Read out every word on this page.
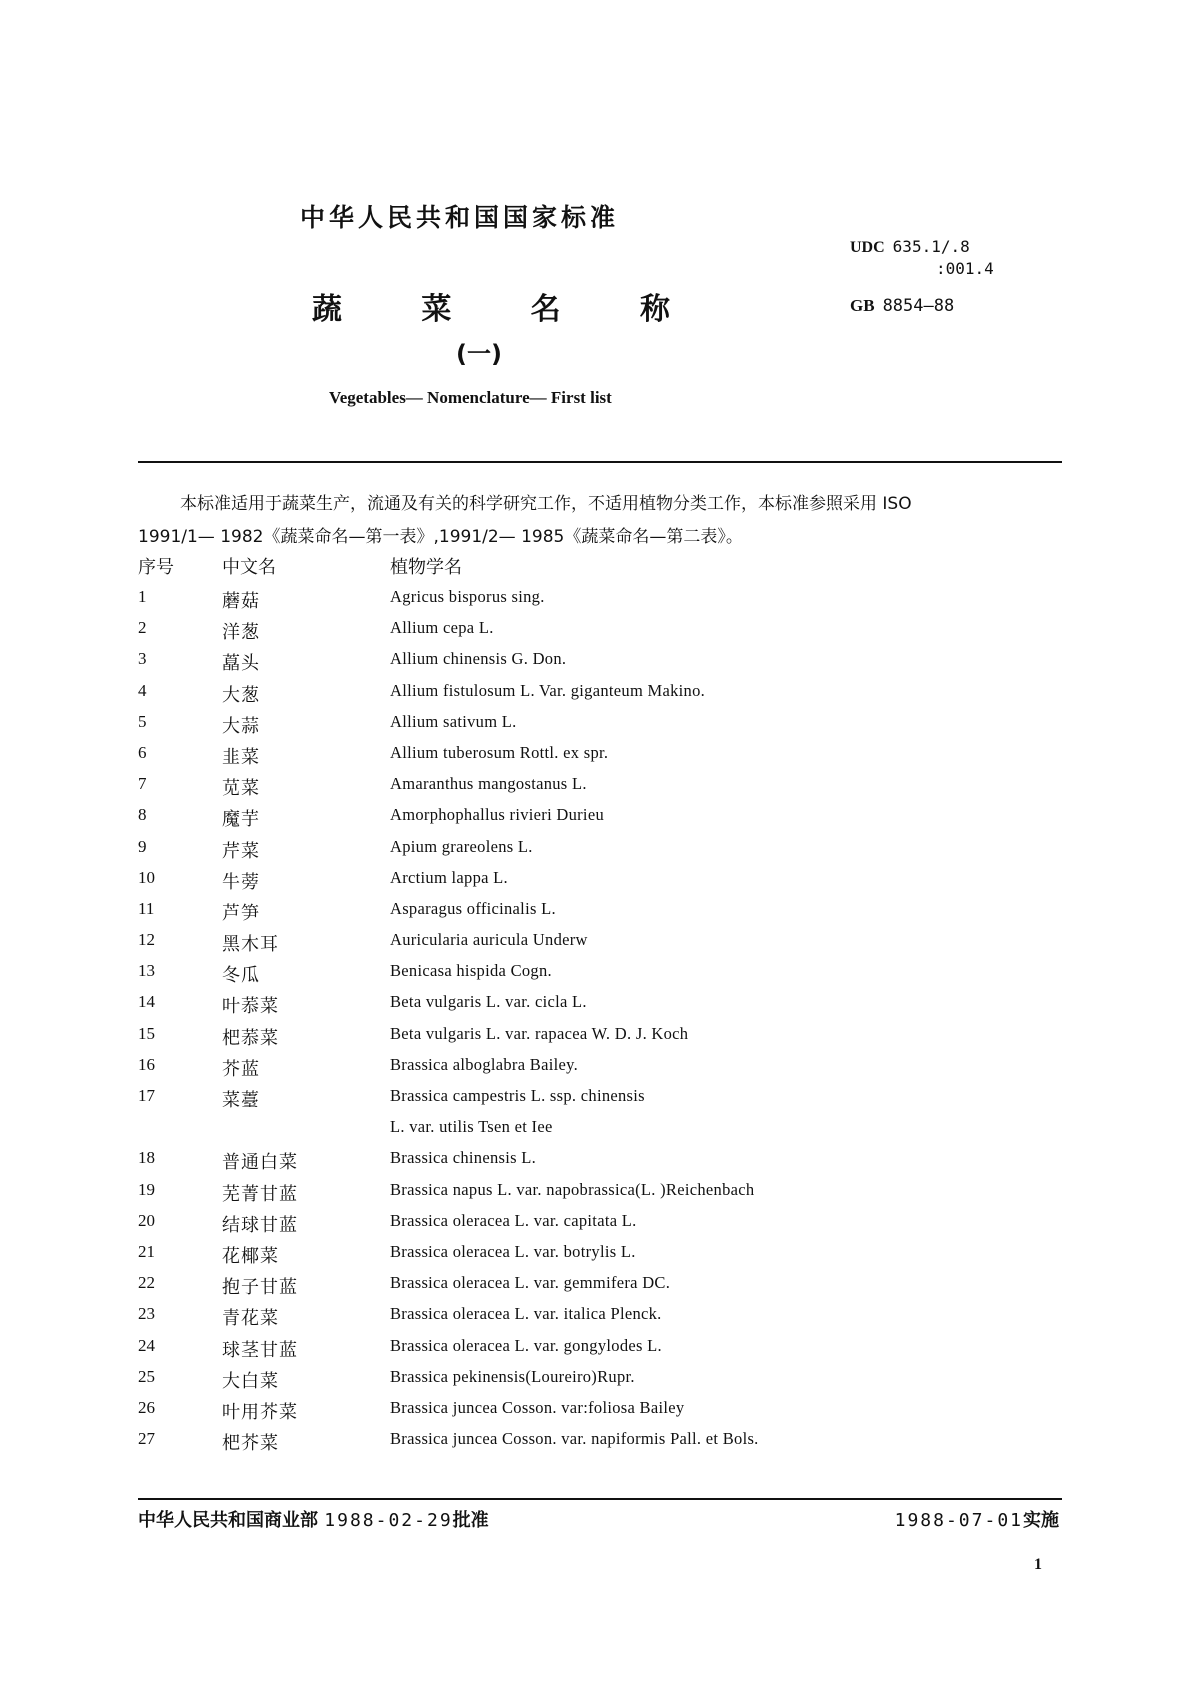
中华人民共和国国家标准
UDC 635.1/.8
:001.4
GB 8854—88
蔬	菜	名	称
(一)
Vegetables— Nomenclature— First list
本标准适用于蔬菜生产，流通及有关的科学研究工作，不适用植物分类工作，本标准参照采用 ISO
1991/1— 1982《蔬菜命名—第一表》,1991/2— 1985《蔬菜命名—第二表》。
序号	中文名	植物学名
1	蘑菇	Agricus bisporus sing.
2	洋葱	Allium cepa L.
3	藠头	Allium chinensis G. Don.
4	大葱	Allium fistulosum L. Var. giganteum Makino.
5	大蒜	Allium sativum L.
6	韭菜	Allium tuberosum Rottl. ex spr.
7	苋菜	Amaranthus mangostanus L.
8	魔芋	Amorphophallus rivieri Durieu
9	芹菜	Apium grareolens L.
10	牛蒡	Arctium lappa L.
11	芦笋	Asparagus officinalis L.
12	黑木耳	Auricularia auricula Underw
13	冬瓜	Benicasa hispida Cogn.
14	叶菾菜	Beta vulgaris L. var. cicla L.
15	杷菾菜	Beta vulgaris L. var. rapacea W. D. J. Koch
16	芥蓝	Brassica alboglabra Bailey.
17	菜薹	Brassica campestris L. ssp. chinensis
L. var. utilis Tsen et Iee
18	普通白菜	Brassica chinensis L.
19	芜菁甘蓝	Brassica napus L. var. napobrassica(L. )Reichenbach
20	结球甘蓝	Brassica oleracea L. var. capitata L.
21	花椰菜	Brassica oleracea L. var. botrylis L.
22	抱子甘蓝	Brassica oleracea L. var. gemmifera DC.
23	青花菜	Brassica oleracea L. var. italica Plenck.
24	球茎甘蓝	Brassica oleracea L. var. gongylodes L.
25	大白菜	Brassica pekinensis(Loureiro)Rupr.
26	叶用芥菜	Brassica juncea Cosson. var:foliosa Bailey
27	杷芥菜	Brassica juncea Cosson. var. napiformis Pall. et Bols.
中华人民共和国商业部 1988-02-29批准	1988-07-01实施
1
